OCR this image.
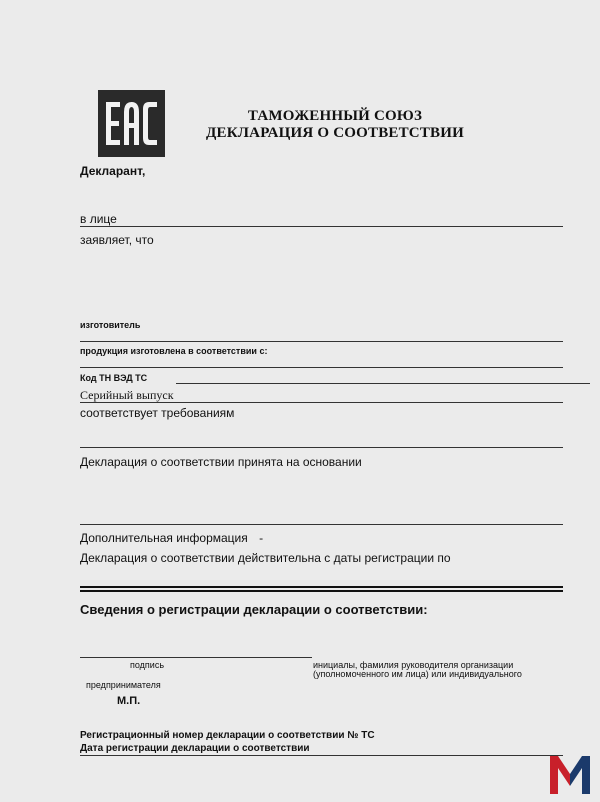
ТАМОЖЕННЫЙ СОЮЗ
ДЕКЛАРАЦИЯ О СООТВЕТСТВИИ
Декларант,
в лице
заявляет, что
изготовитель
продукция изготовлена в соответствии с:
Код ТН ВЭД ТС
Серийный выпуск
соответствует требованиям
Декларация о соответствии принята на основании
Дополнительная информация -
Декларация о соответствии действительна с даты регистрации по
Сведения о регистрации декларации о соответствии:
подпись	инициалы, фамилия руководителя организации
(уполномоченного им лица) или индивидуального
предпринимателя
М.П.
Регистрационный номер декларации о соответствии № ТС
Дата регистрации декларации о соответствии
